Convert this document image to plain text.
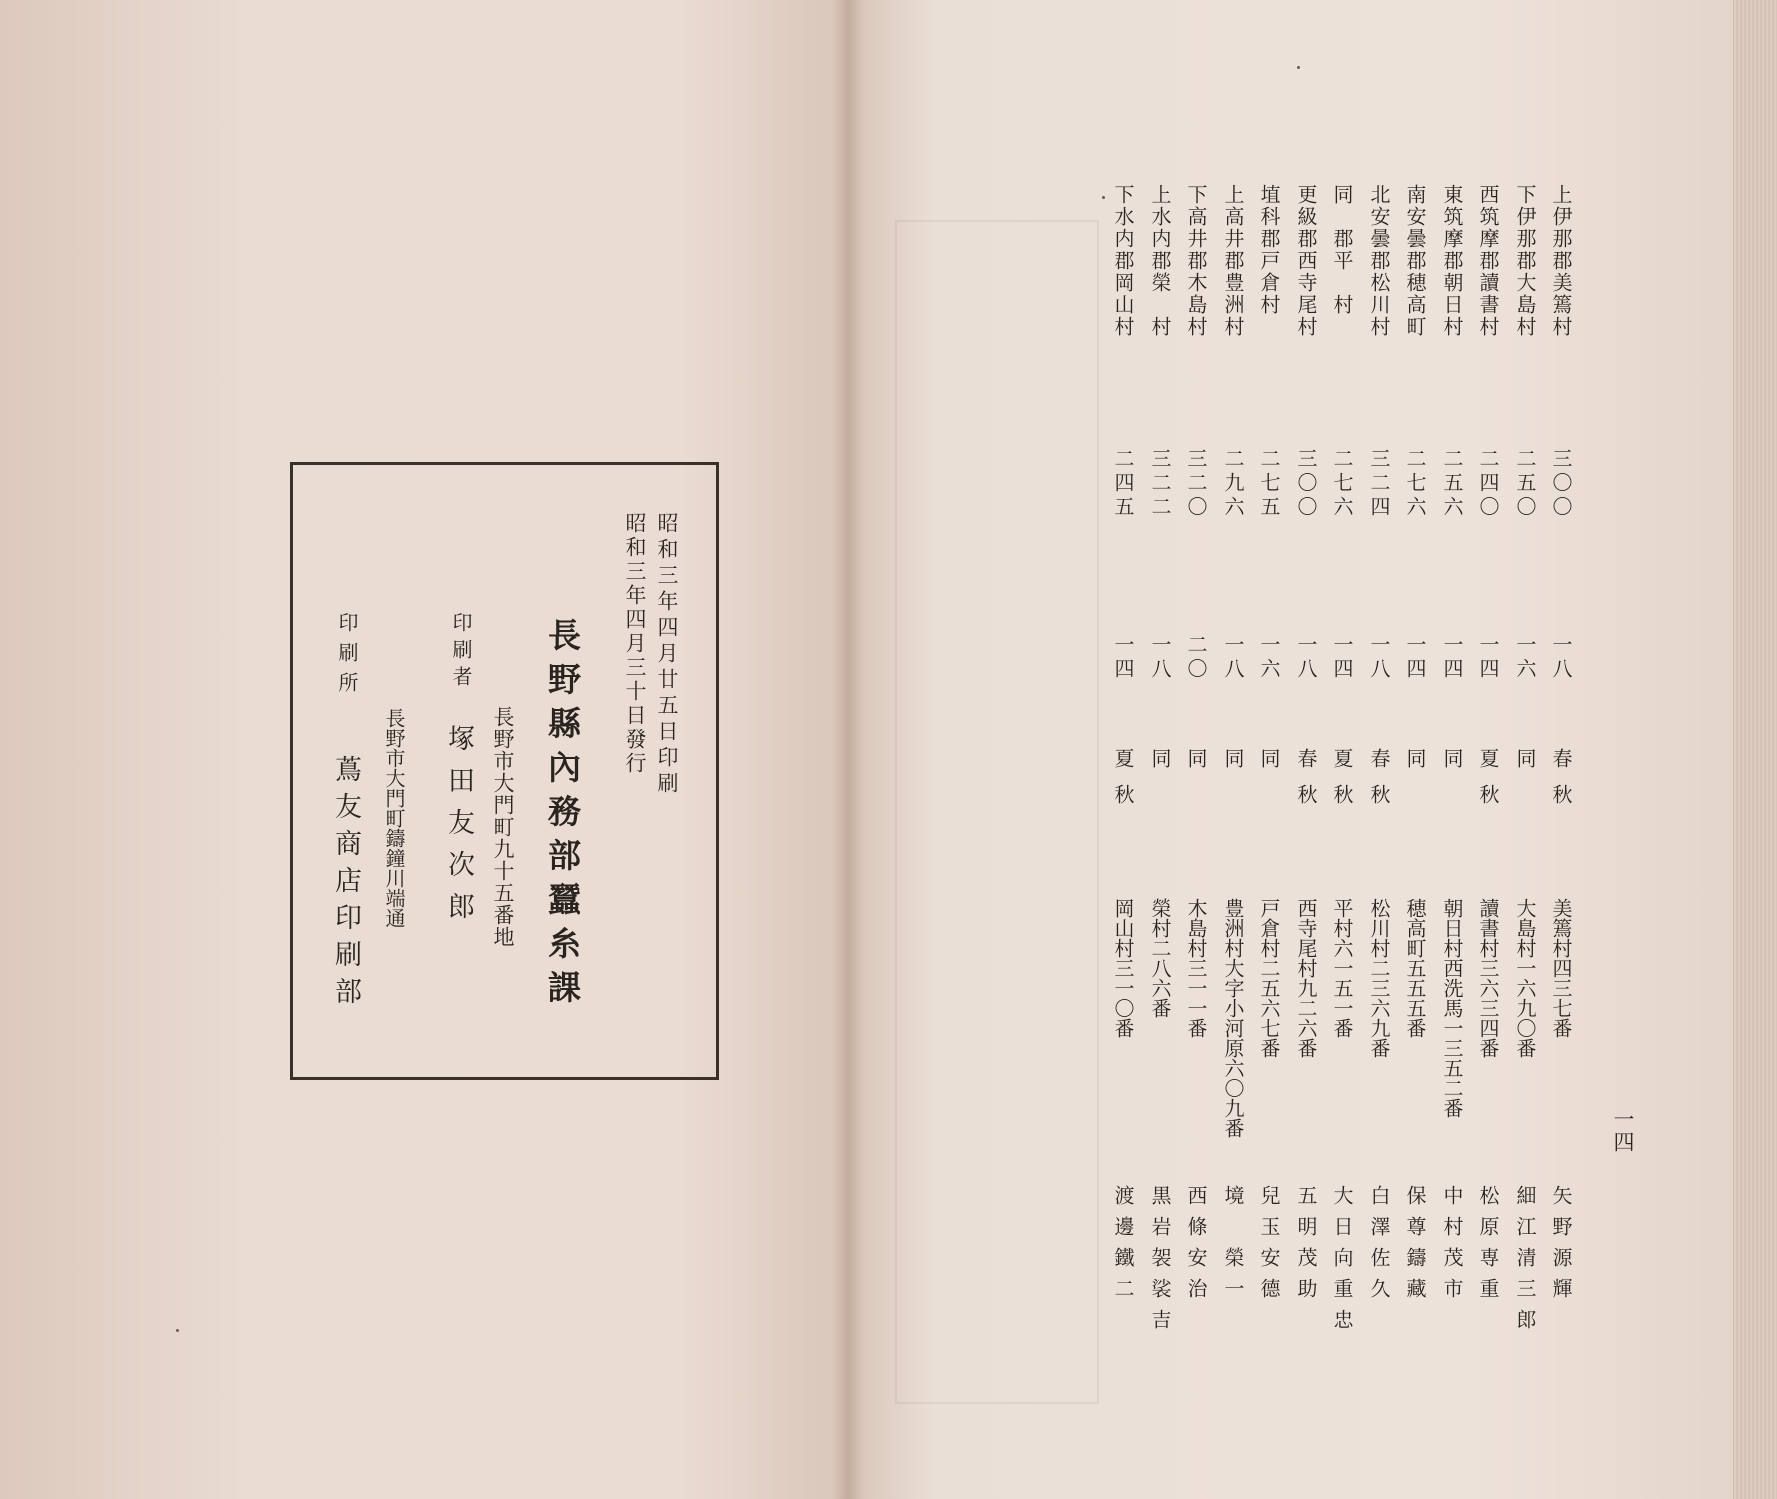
昭和三年四月廿五日印刷
昭和三年四月三十日發行
長野縣內務部蠶糸課
長野市大門町九十五番地
印刷者
塚田友次郎
長野市大門町鑄鐘川端通
印刷所
蔦友商店印刷部
一四
上伊那郡美篶村
三〇〇
一八
春秋
美篶村四三七番
矢野源輝
下伊那郡大島村
二五〇
一六
同
大島村一六九〇番
細江清三郎
西筑摩郡讀書村
二四〇
一四
夏秋
讀書村三六三四番
松原専重
東筑摩郡朝日村
二五六
一四
同
朝日村西洗馬一三五二番
中村茂市
南安曇郡穂高町
二七六
一四
同
穂高町五五五番
保尊鑄藏
北安曇郡松川村
三二四
一八
春秋
松川村二三六九番
白澤佐久
同　郡平　村
二七六
一四
夏秋
平村六一五一番
大日向重忠
更級郡西寺尾村
三〇〇
一八
春秋
西寺尾村九二六番
五明茂助
埴科郡戸倉村
二七五
一六
同
戸倉村二五六七番
兒玉安德
上高井郡豊洲村
二九六
一八
同
豊洲村大字小河原六〇九番
境　榮一
下高井郡木島村
三二〇
二〇
同
木島村三一一番
西條安治
上水内郡榮　村
三二二
一八
同
榮村二八六番
黒岩袈裟吉
下水内郡岡山村
二四五
一四
夏秋
岡山村三一〇番
渡邊鐵二
